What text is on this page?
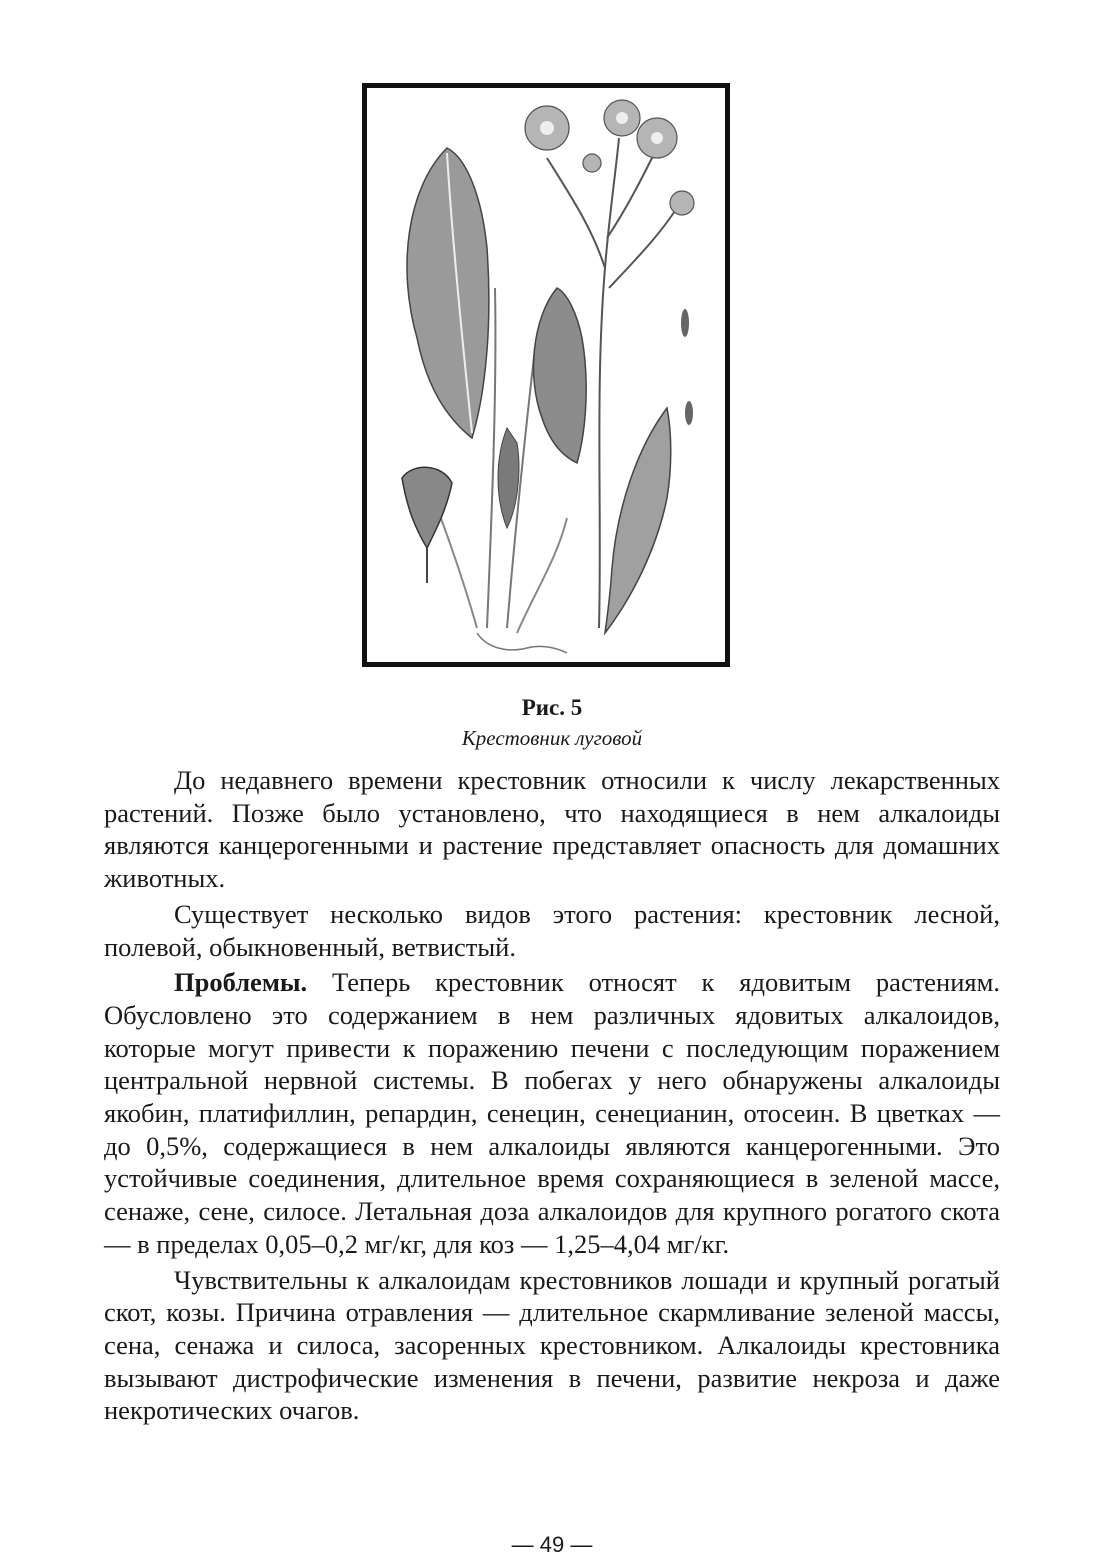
Рис. 5
Крестовник луговой

До недавнего времени крестовник относили к числу лекарственных растений. Позже было установлено, что находящиеся в нем алкалоиды являются канцерогенными и растение представляет опасность для домашних животных.

Существует несколько видов этого растения: крестовник лесной, полевой, обыкновенный, ветвистый.

Проблемы. Теперь крестовник относят к ядовитым растениям. Обусловлено это содержанием в нем различных ядовитых алкалоидов, которые могут привести к поражению печени с последующим поражением центральной нервной системы. В побегах у него обнаружены алкалоиды якобин, платифиллин, репардин, сенецин, сенецианин, отосеин. В цветках — до 0,5%, содержащиеся в нем алкалоиды являются канцерогенными. Это устойчивые соединения, длительное время сохраняющиеся в зеленой массе, сенаже, сене, силосе. Летальная доза алкалоидов для крупного рогатого скота — в пределах 0,05–0,2 мг/кг, для коз — 1,25–4,04 мг/кг.

Чувствительны к алкалоидам крестовников лошади и крупный рогатый скот, козы. Причина отравления — длительное скармливание зеленой массы, сена, сенажа и силоса, засоренных крестовником. Алкалоиды крестовника вызывают дистрофические изменения в печени, развитие некроза и даже некротических очагов.

— 49 —
